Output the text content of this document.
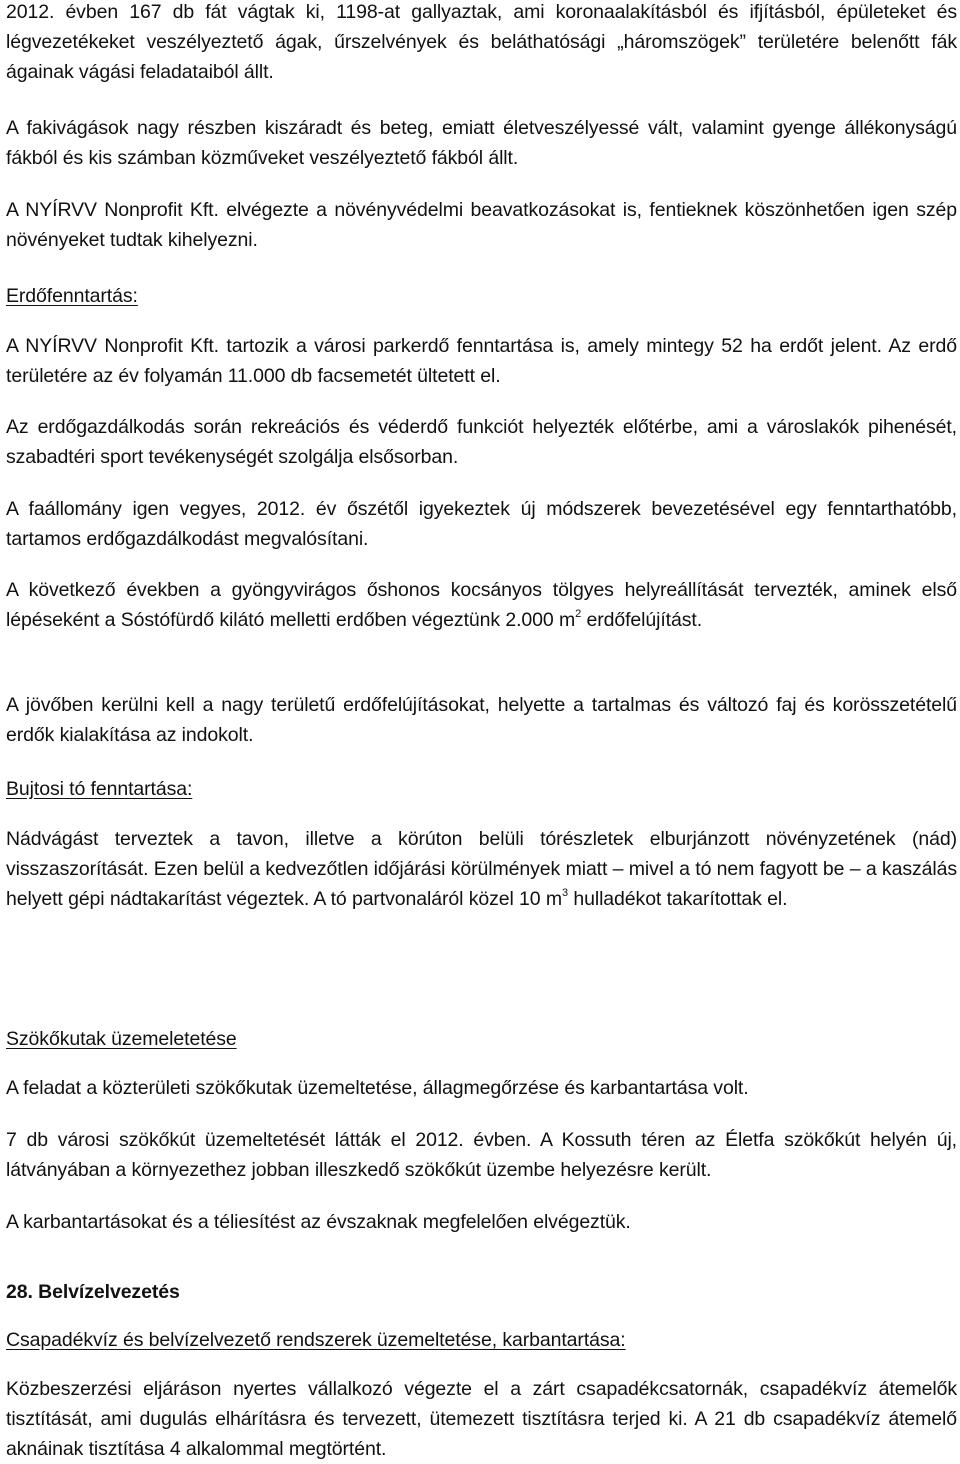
2012. évben 167 db fát vágtak ki, 1198-at gallyaztak, ami koronaalakításból és ifjításból, épületeket és légvezetékeket veszélyeztető ágak, űrszelvények és beláthatósági „háromszögek” területére belenőtt fák ágainak vágási feladataiból állt.

A fakivágások nagy részben kiszáradt és beteg, emiatt életveszélyessé vált, valamint gyenge állékonyságú fákból és kis számban közműveket veszélyeztető fákból állt.

A NYÍRVV Nonprofit Kft. elvégezte a növényvédelmi beavatkozásokat is, fentieknek köszönhetően igen szép növényeket tudtak kihelyezni.

Erdőfenntartás:

A NYÍRVV Nonprofit Kft. tartozik a városi parkerdő fenntartása is, amely mintegy 52 ha erdőt jelent. Az erdő területére az év folyamán 11.000 db facsemetét ültetett el.

Az erdőgazdálkodás során rekreációs és véderdő funkciót helyezték előtérbe, ami a városlakók pihenését, szabadtéri sport tevékenységét szolgálja elsősorban.

A faállomány igen vegyes, 2012. év őszétől igyekeztek új módszerek bevezetésével egy fenntarthatóbb, tartamos erdőgazdálkodást megvalósítani.

A következő években a gyöngyvirágos őshonos kocsányos tölgyes helyreállítását tervezték, aminek első lépéseként a Sóstófürdő kilátó melletti erdőben végeztünk 2.000 $m^2$ erdőfelújítást.

A jövőben kerülni kell a nagy területű erdőfelújításokat, helyette a tartalmas és változó faj és korösszetételű erdők kialakítása az indokolt.

Bujtosi tó fenntartása:

Nádvágást terveztek a tavon, illetve a körúton belüli tórészletek elburjánzott növényzetének (nád) visszaszorítását. Ezen belül a kedvezőtlen időjárási körülmények miatt – mivel a tó nem fagyott be – a kaszálás helyett gépi nádtakarítást végeztek. A tó partvonaláról közel 10 $m^3$ hulladékot takarítottak el.

Szökőkutak üzemeletetése

A feladat a közterületi szökőkutak üzemeltetése, állagmegőrzése és karbantartása volt.

7 db városi szökőkút üzemeltetését látták el 2012. évben. A Kossuth téren az Életfa szökőkút helyén új, látványában a környezethez jobban illeszkedő szökőkút üzembe helyezésre került.

A karbantartásokat és a téliesítést az évszaknak megfelelően elvégeztük.

28. Belvízelvezetés

Csapadékvíz és belvízelvezető rendszerek üzemeltetése, karbantartása:

Közbeszerzési eljáráson nyertes vállalkozó végezte el a zárt csapadékcsatornák, csapadékvíz átemelők tisztítását, ami dugulás elhárításra és tervezett, ütemezett tisztításra terjed ki. A 21 db csapadékvíz átemelő aknáinak tisztítása 4 alkalommal megtörtént.
